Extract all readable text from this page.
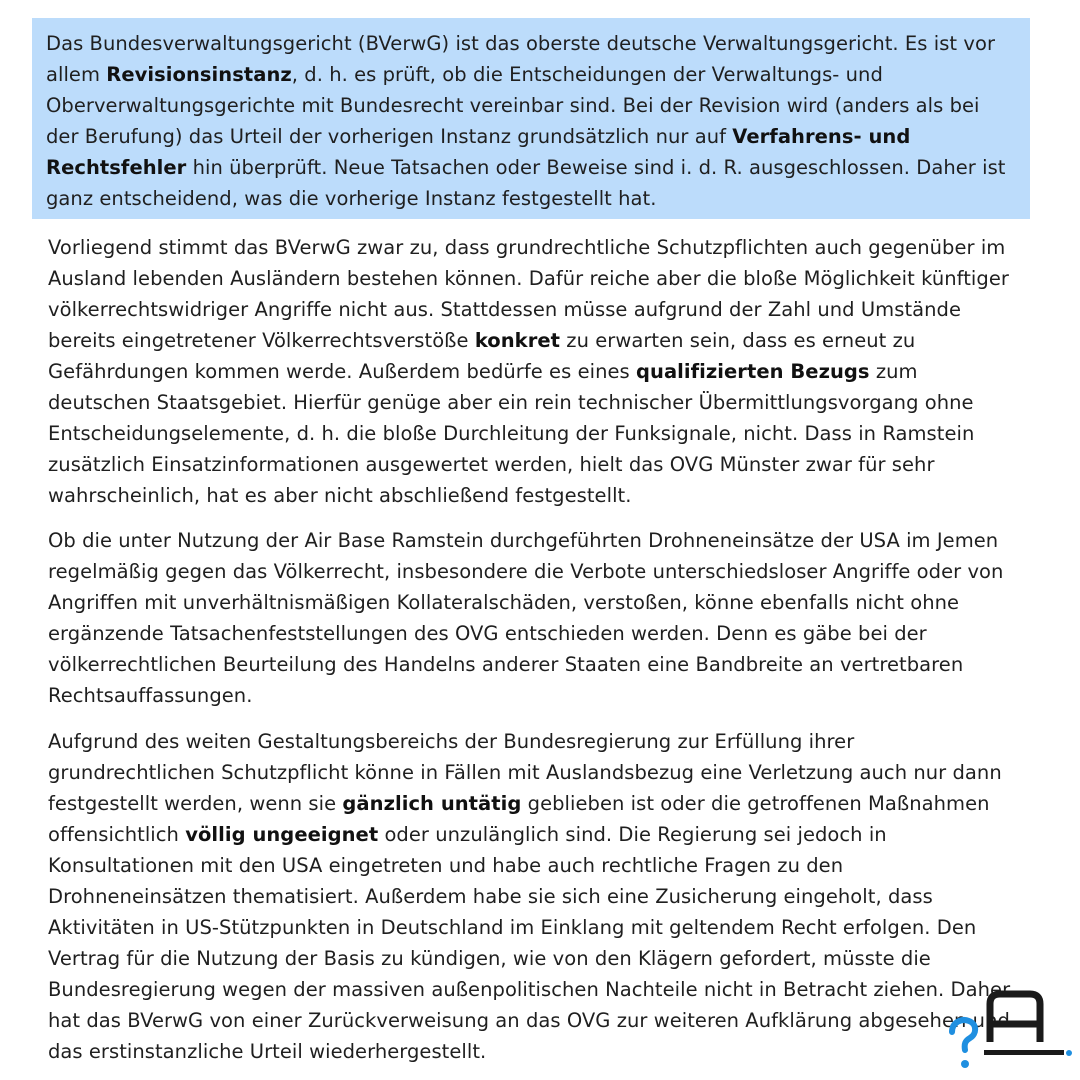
Das Bundesverwaltungsgericht (BVerwG) ist das oberste deutsche Verwaltungsgericht. Es ist vor allem Revisionsinstanz, d. h. es prüft, ob die Entscheidungen der Verwaltungs- und Oberverwaltungsgerichte mit Bundesrecht vereinbar sind. Bei der Revision wird (anders als bei der Berufung) das Urteil der vorherigen Instanz grundsätzlich nur auf Verfahrens- und Rechtsfehler hin überprüft. Neue Tatsachen oder Beweise sind i. d. R. ausgeschlossen. Daher ist ganz entscheidend, was die vorherige Instanz festgestellt hat.

Vorliegend stimmt das BVerwG zwar zu, dass grundrechtliche Schutzpflichten auch gegenüber im Ausland lebenden Ausländern bestehen können. Dafür reiche aber die bloße Möglichkeit künftiger völkerrechtswidriger Angriffe nicht aus. Stattdessen müsse aufgrund der Zahl und Umstände bereits eingetretener Völkerrechtsverstöße konkret zu erwarten sein, dass es erneut zu Gefährdungen kommen werde. Außerdem bedürfe es eines qualifizierten Bezugs zum deutschen Staatsgebiet. Hierfür genüge aber ein rein technischer Übermittlungsvorgang ohne Entscheidungselemente, d. h. die bloße Durchleitung der Funksignale, nicht. Dass in Ramstein zusätzlich Einsatzinformationen ausgewertet werden, hielt das OVG Münster zwar für sehr wahrscheinlich, hat es aber nicht abschließend festgestellt.

Ob die unter Nutzung der Air Base Ramstein durchgeführten Drohneneinsätze der USA im Jemen regelmäßig gegen das Völkerrecht, insbesondere die Verbote unterschiedsloser Angriffe oder von Angriffen mit unverhältnismäßigen Kollateralschäden, verstoßen, könne ebenfalls nicht ohne ergänzende Tatsachenfeststellungen des OVG entschieden werden. Denn es gäbe bei der völkerrechtlichen Beurteilung des Handelns anderer Staaten eine Bandbreite an vertretbaren Rechtsauffassungen.

Aufgrund des weiten Gestaltungsbereichs der Bundesregierung zur Erfüllung ihrer grundrechtlichen Schutzpflicht könne in Fällen mit Auslandsbezug eine Verletzung auch nur dann festgestellt werden, wenn sie gänzlich untätig geblieben ist oder die getroffenen Maßnahmen offensichtlich völlig ungeeignet oder unzulänglich sind. Die Regierung sei jedoch in Konsultationen mit den USA eingetreten und habe auch rechtliche Fragen zu den Drohneneinsätzen thematisiert. Außerdem habe sie sich eine Zusicherung eingeholt, dass Aktivitäten in US-Stützpunkten in Deutschland im Einklang mit geltendem Recht erfolgen. Den Vertrag für die Nutzung der Basis zu kündigen, wie von den Klägern gefordert, müsste die Bundesregierung wegen der massiven außenpolitischen Nachteile nicht in Betracht ziehen. Daher hat das BVerwG von einer Zurückverweisung an das OVG zur weiteren Aufklärung abgesehen und das erstinstanzliche Urteil wiederhergestellt.
